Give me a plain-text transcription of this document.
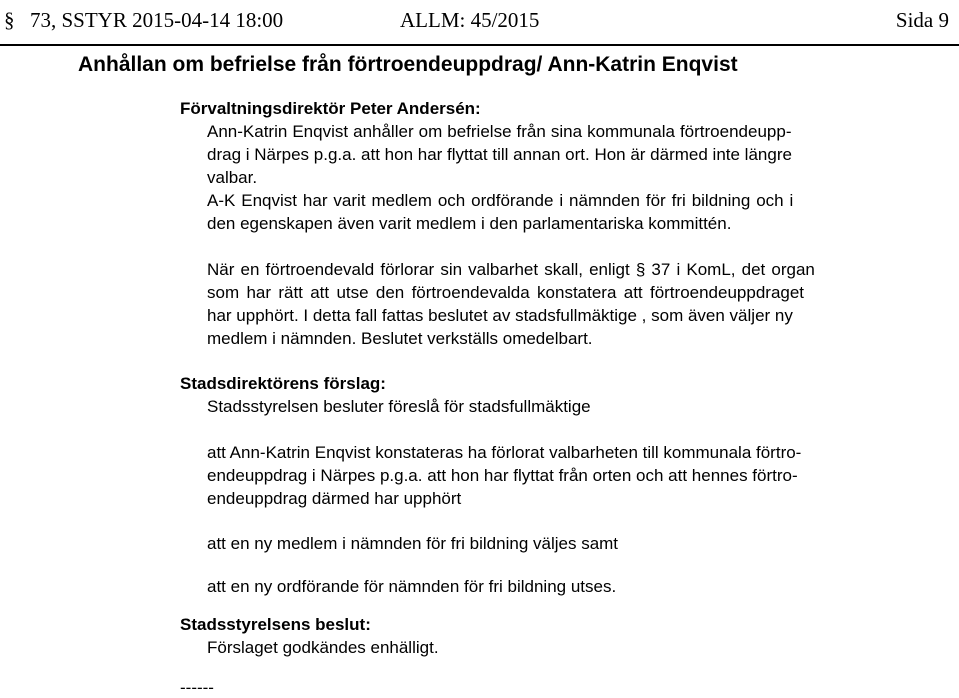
§ 73, SSTYR 2015-04-14 18:00	ALLM: 45/2015	Sida 9
Anhållan om befrielse från förtroendeuppdrag/ Ann-Katrin Enqvist
Förvaltningsdirektör Peter Andersén:
Ann-Katrin Enqvist anhåller om befrielse från sina kommunala förtroendeupp-
drag i Närpes p.g.a. att hon har flyttat till annan ort. Hon är därmed inte längre
valbar.
A-K Enqvist har varit medlem och ordförande i nämnden för fri bildning och i
den egenskapen även varit medlem i den parlamentariska kommittén.
När en förtroendevald förlorar sin valbarhet skall, enligt § 37 i KomL, det organ
som har rätt att utse den förtroendevalda konstatera att förtroendeuppdraget
har upphört. I detta fall fattas beslutet av stadsfullmäktige , som även väljer ny
medlem i nämnden. Beslutet verkställs omedelbart.
Stadsdirektörens förslag:
Stadsstyrelsen besluter föreslå för stadsfullmäktige
att Ann-Katrin Enqvist konstateras ha förlorat valbarheten till kommunala förtro-
endeuppdrag i Närpes p.g.a. att hon har flyttat från orten och att hennes förtro-
endeuppdrag därmed har upphört
att en ny medlem i nämnden för fri bildning väljes samt
att en ny ordförande för nämnden för fri bildning utses.
Stadsstyrelsens beslut:
Förslaget godkändes enhälligt.
------
